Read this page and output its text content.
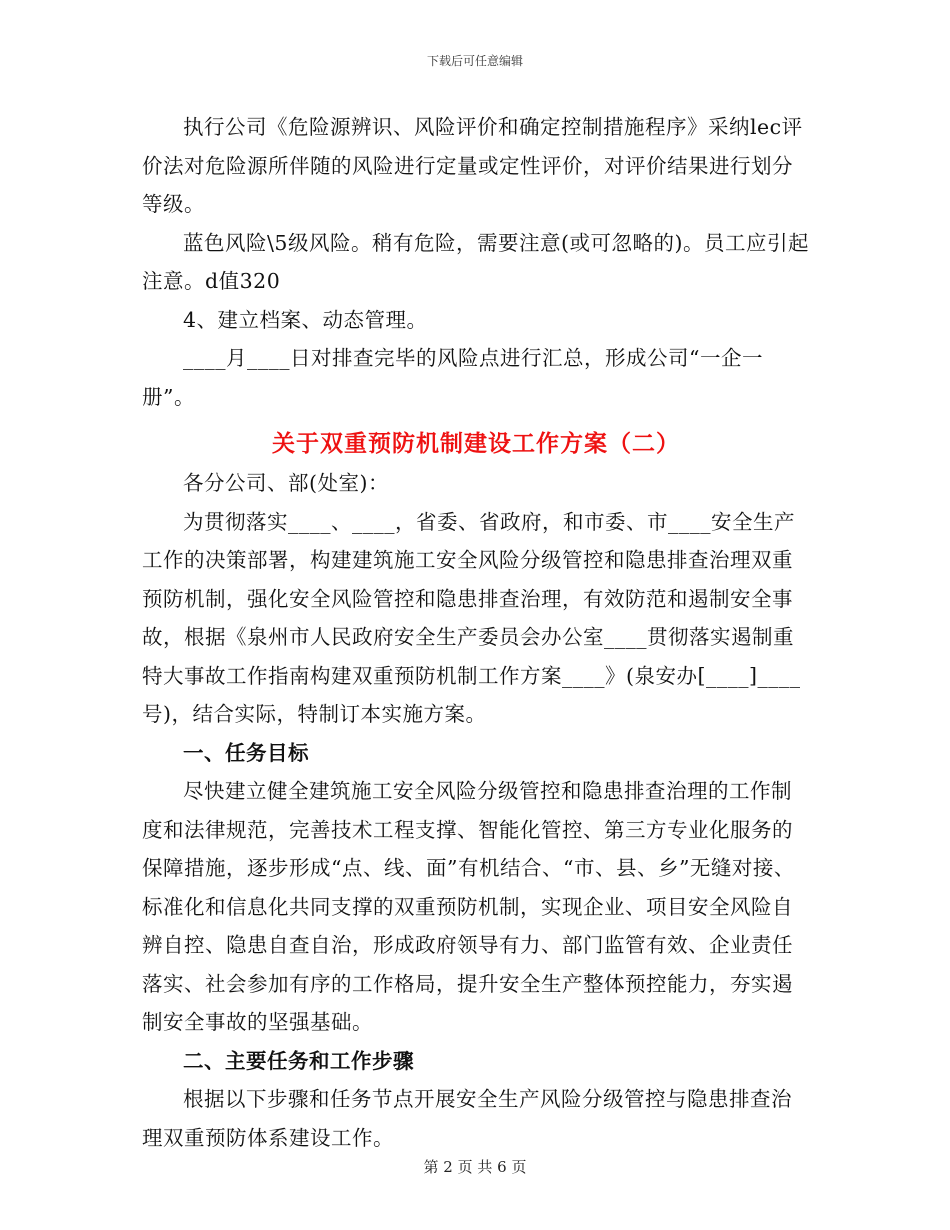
下载后可任意编辑

执行公司《危险源辨识、风险评价和确定控制措施程序》采纳lec评价法对危险源所伴随的风险进行定量或定性评价，对评价结果进行划分等级。

蓝色风险\5级风险。稍有危险，需要注意(或可忽略的)。员工应引起注意。d值320

4、建立档案、动态管理。

____月____日对排查完毕的风险点进行汇总，形成公司“一企一册”。

关于双重预防机制建设工作方案（二）

各分公司、部(处室)：

为贯彻落实____、____，省委、省政府，和市委、市____安全生产工作的决策部署，构建建筑施工安全风险分级管控和隐患排查治理双重预防机制，强化安全风险管控和隐患排查治理，有效防范和遏制安全事故，根据《泉州市人民政府安全生产委员会办公室____贯彻落实遏制重特大事故工作指南构建双重预防机制工作方案____》(泉安办[____]____号)，结合实际，特制订本实施方案。

一、任务目标

尽快建立健全建筑施工安全风险分级管控和隐患排查治理的工作制度和法律规范，完善技术工程支撑、智能化管控、第三方专业化服务的保障措施，逐步形成“点、线、面”有机结合、“市、县、乡”无缝对接、标准化和信息化共同支撑的双重预防机制，实现企业、项目安全风险自辨自控、隐患自查自治，形成政府领导有力、部门监管有效、企业责任落实、社会参加有序的工作格局，提升安全生产整体预控能力，夯实遏制安全事故的坚强基础。

二、主要任务和工作步骤

根据以下步骤和任务节点开展安全生产风险分级管控与隐患排查治理双重预防体系建设工作。

第 2 页 共 6 页
